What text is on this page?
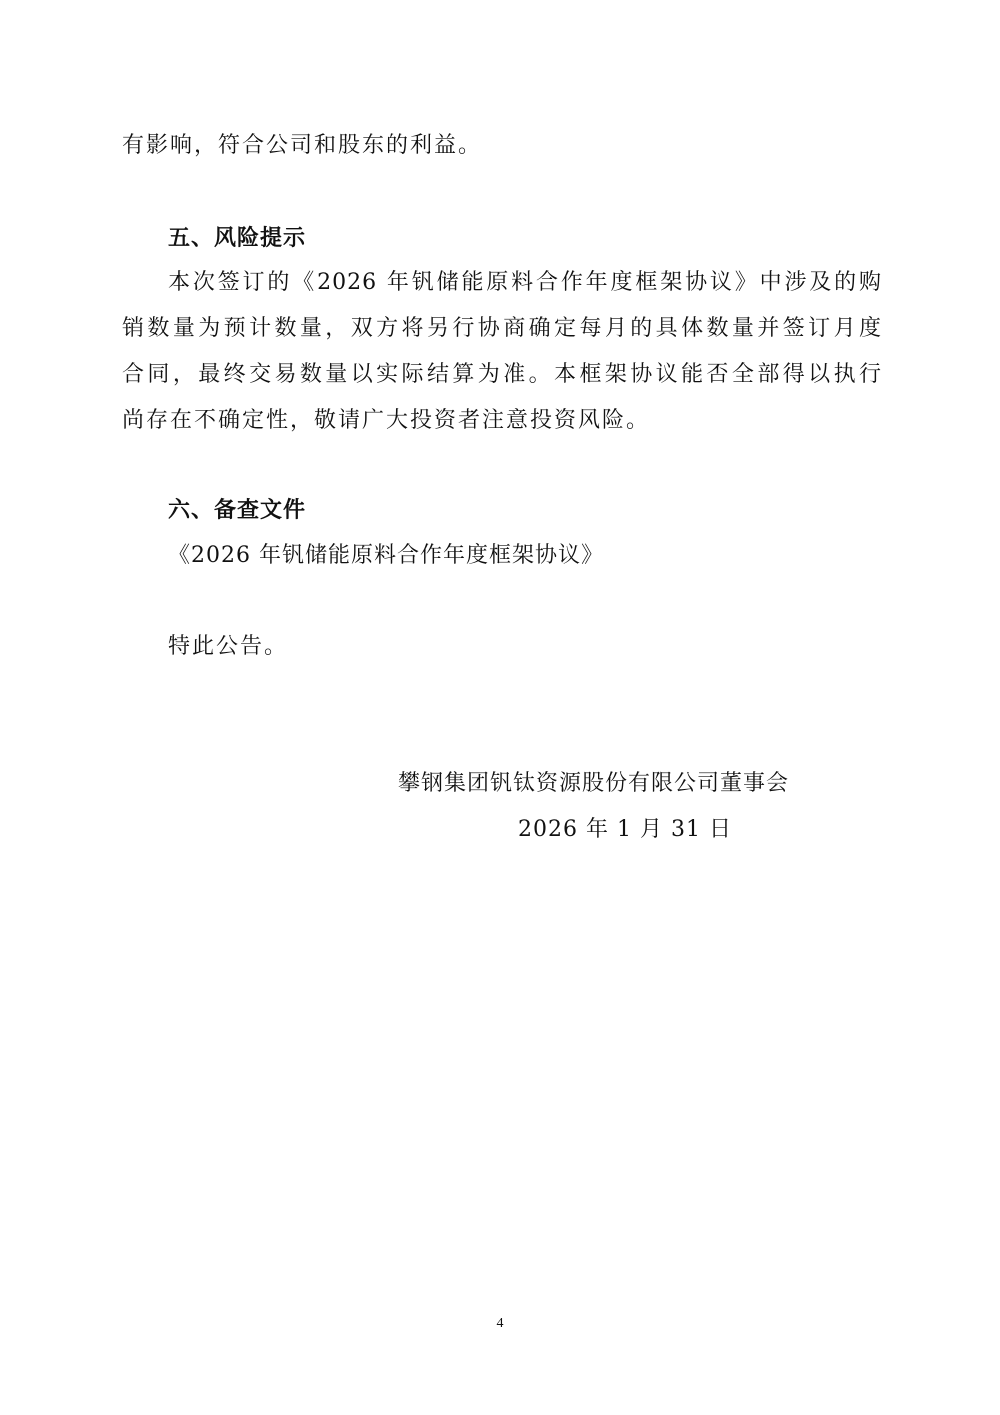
有影响，符合公司和股东的利益。
五、风险提示
本次签订的《2026 年钒储能原料合作年度框架协议》中涉及的购
销数量为预计数量，双方将另行协商确定每月的具体数量并签订月度
合同，最终交易数量以实际结算为准。本框架协议能否全部得以执行
尚存在不确定性，敬请广大投资者注意投资风险。
六、备查文件
《2026 年钒储能原料合作年度框架协议》
特此公告。
攀钢集团钒钛资源股份有限公司董事会
2026 年 1 月 31 日
4
